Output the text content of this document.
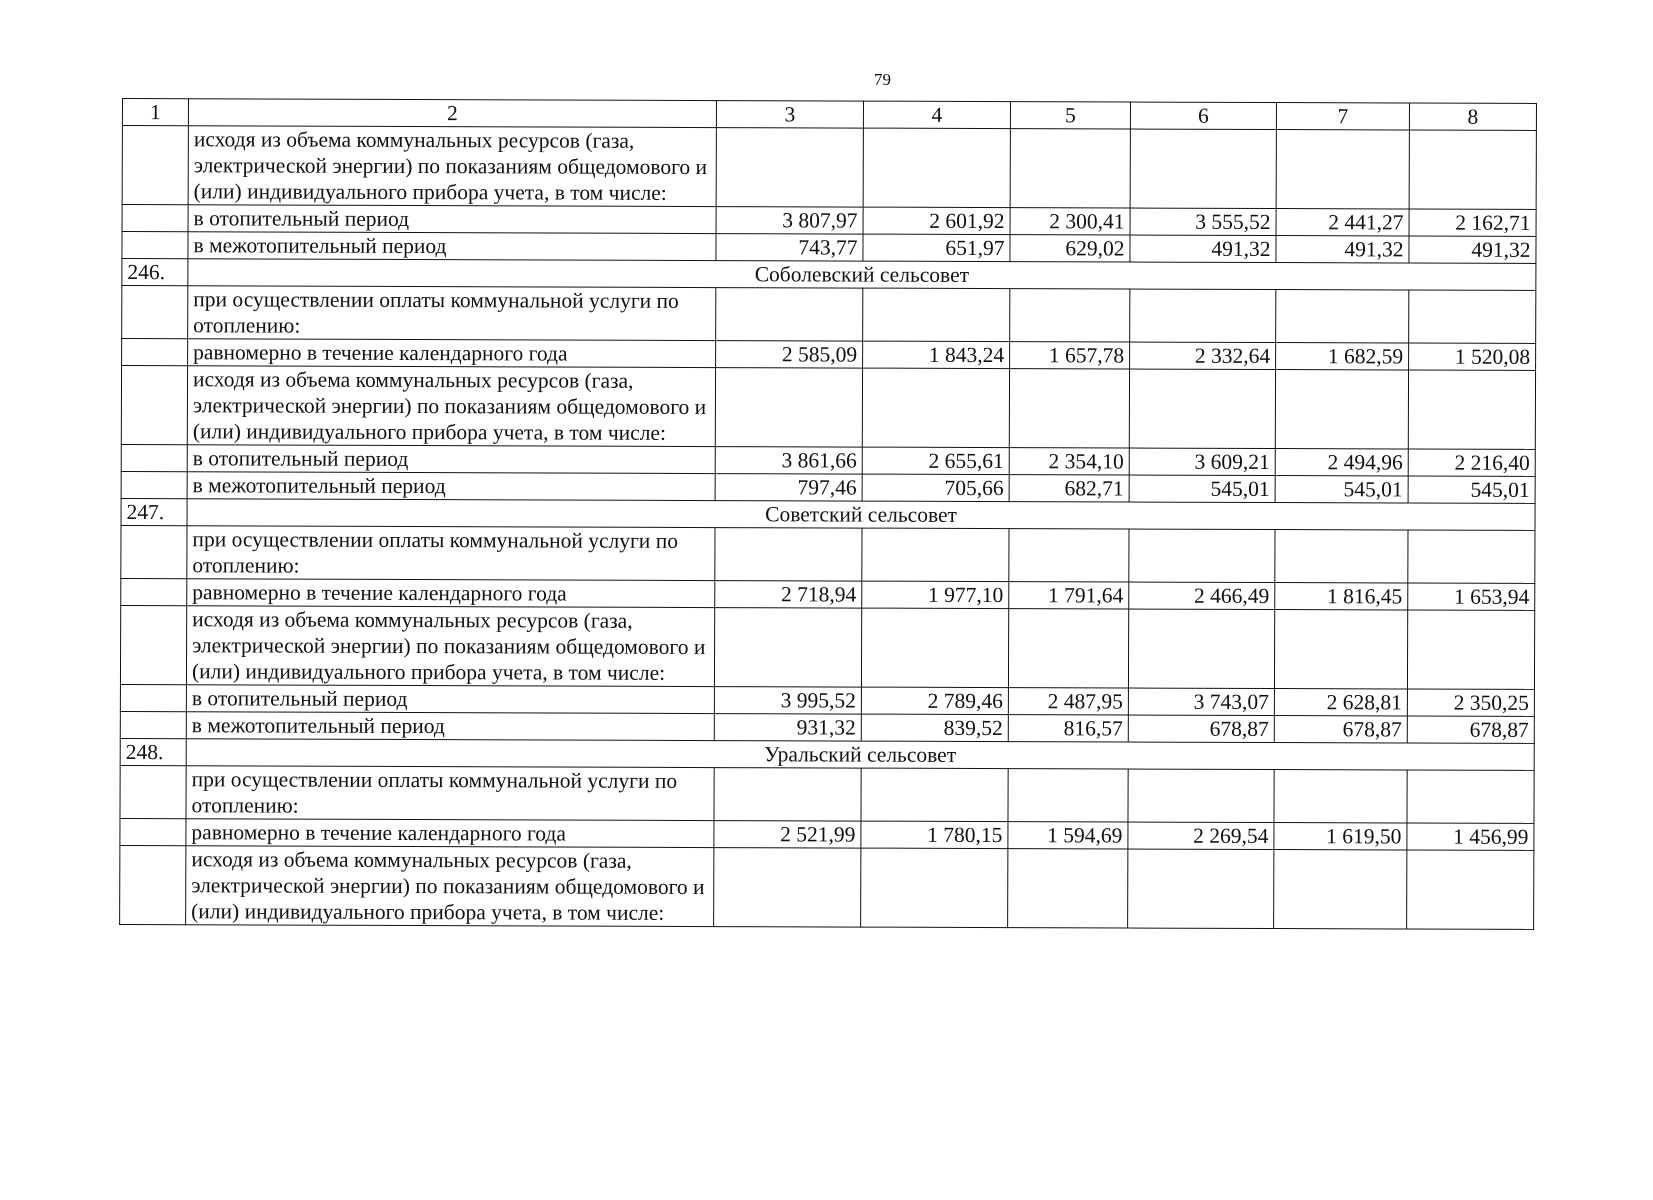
79
1	2	3	4	5	6	7	8
	исходя из объема коммунальных ресурсов (газа, электрической энергии) по показаниям общедомового и (или) индивидуального прибора учета, в том числе:						
	в отопительный период	3 807,97	2 601,92	2 300,41	3 555,52	2 441,27	2 162,71
	в межотопительный период	743,77	651,97	629,02	491,32	491,32	491,32
246.	Соболевский сельсовет						
	при осуществлении оплаты коммунальной услуги по отоплению:						
	равномерно в течение календарного года	2 585,09	1 843,24	1 657,78	2 332,64	1 682,59	1 520,08
	исходя из объема коммунальных ресурсов (газа, электрической энергии) по показаниям общедомового и (или) индивидуального прибора учета, в том числе:						
	в отопительный период	3 861,66	2 655,61	2 354,10	3 609,21	2 494,96	2 216,40
	в межотопительный период	797,46	705,66	682,71	545,01	545,01	545,01
247.	Советский сельсовет						
	при осуществлении оплаты коммунальной услуги по отоплению:						
	равномерно в течение календарного года	2 718,94	1 977,10	1 791,64	2 466,49	1 816,45	1 653,94
	исходя из объема коммунальных ресурсов (газа, электрической энергии) по показаниям общедомового и (или) индивидуального прибора учета, в том числе:						
	в отопительный период	3 995,52	2 789,46	2 487,95	3 743,07	2 628,81	2 350,25
	в межотопительный период	931,32	839,52	816,57	678,87	678,87	678,87
248.	Уральский сельсовет						
	при осуществлении оплаты коммунальной услуги по отоплению:						
	равномерно в течение календарного года	2 521,99	1 780,15	1 594,69	2 269,54	1 619,50	1 456,99
	исходя из объема коммунальных ресурсов (газа, электрической энергии) по показаниям общедомового и (или) индивидуального прибора учета, в том числе:						
